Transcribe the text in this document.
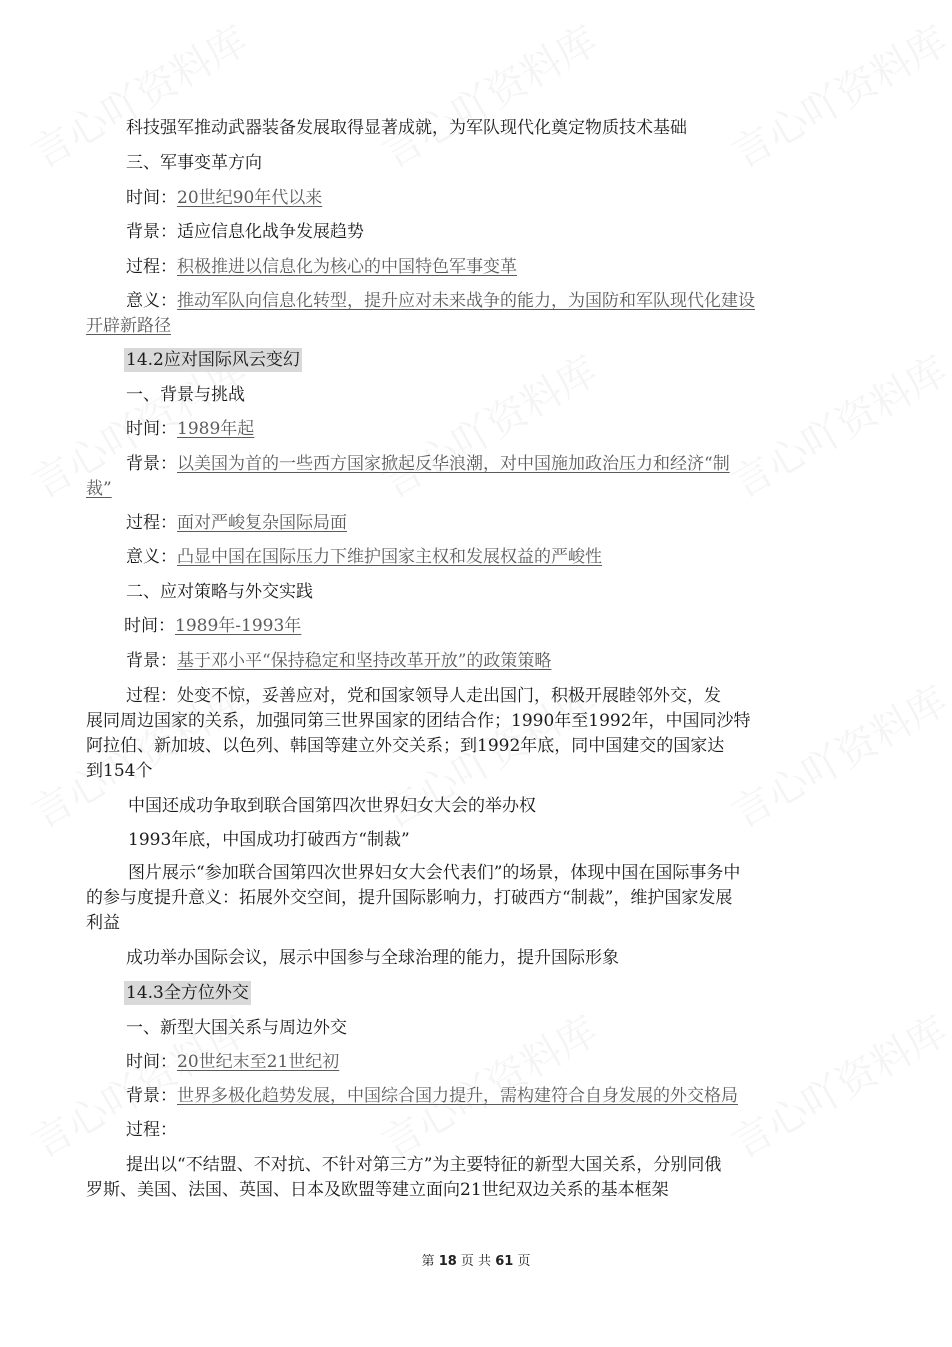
科技强军推动武器装备发展取得显著成就，为军队现代化奠定物质技术基础
三、军事变革方向
时间：20世纪90年代以来
背景：适应信息化战争发展趋势
过程：积极推进以信息化为核心的中国特色军事变革
意义：推动军队向信息化转型，提升应对未来战争的能力，为国防和军队现代化建设
开辟新路径
14.2应对国际风云变幻
一、背景与挑战
时间：1989年起
背景：以美国为首的一些西方国家掀起反华浪潮，对中国施加政治压力和经济“制
裁”
过程：面对严峻复杂国际局面
意义：凸显中国在国际压力下维护国家主权和发展权益的严峻性
二、应对策略与外交实践
时间：1989年-1993年
背景：基于邓小平“保持稳定和坚持改革开放”的政策策略
过程：处变不惊，妥善应对，党和国家领导人走出国门，积极开展睦邻外交，发
展同周边国家的关系，加强同第三世界国家的团结合作；1990年至1992年，中国同沙特
阿拉伯、新加坡、以色列、韩国等建立外交关系；到1992年底，同中国建交的国家达
到154个
中国还成功争取到联合国第四次世界妇女大会的举办权
1993年底，中国成功打破西方“制裁”
图片展示“参加联合国第四次世界妇女大会代表们”的场景，体现中国在国际事务中
的参与度提升意义：拓展外交空间，提升国际影响力，打破西方“制裁”，维护国家发展
利益
成功举办国际会议，展示中国参与全球治理的能力，提升国际形象
14.3全方位外交
一、新型大国关系与周边外交
时间：20世纪末至21世纪初
背景：世界多极化趋势发展，中国综合国力提升，需构建符合自身发展的外交格局
过程：
提出以“不结盟、不对抗、不针对第三方”为主要特征的新型大国关系，分别同俄
罗斯、美国、法国、英国、日本及欧盟等建立面向21世纪双边关系的基本框架
第 18 页 共 61 页
